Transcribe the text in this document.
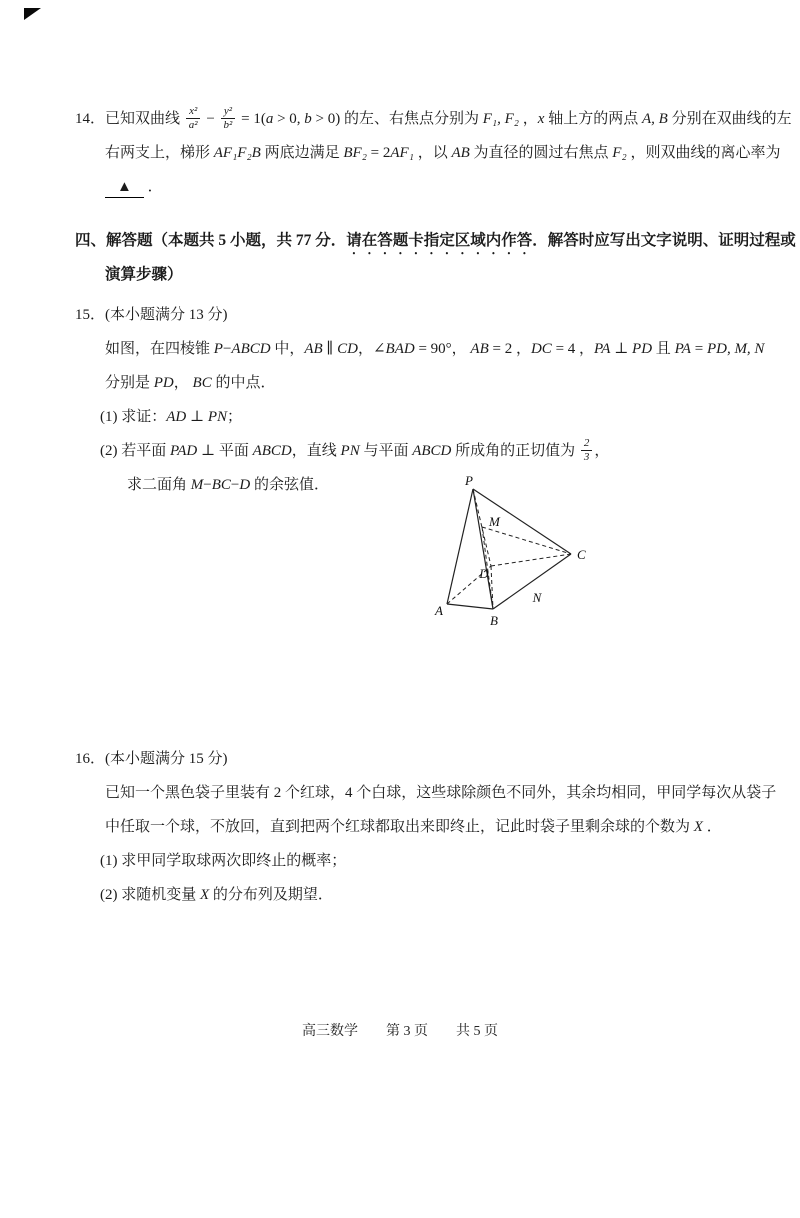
14．已知双曲线 $\frac{\text{x²}}{\text{a²}} - \frac{\text{y²}}{\text{b²}} = 1(a > 0$, b > 0) 的左、右焦点分别为 F₁, F₂ ，x 轴上方的两点 A, B 分别在双曲线的左
右两支上，梯形 AF₁F₂B 两底边满足 BF₂ = 2AF₁ ，以 AB 为直径的圆过右焦点 F₂ ，则双曲线的离心率为
▲ ．
四、解答题（本题共 5 小题，共 77 分．请在答题卡指定区域内作答．解答时应写出文字说明、证明过程或
演算步骤）
15．(本小题满分 13 分)
如图，在四棱锥 P−ABCD 中，AB ∥ CD，∠BAD = 90°， AB = 2 ，DC = 4 ，PA ⊥ PD 且 PA = PD, M, N
分别是 PD， BC 的中点．
(1) 求证：AD ⊥ PN；
(2) 若平面 PAD ⊥ 平面 ABCD，直线 PN 与平面 ABCD 所成角的正切值为 $\frac{2}{3}$ ，
求二面角 M−BC−D 的余弦值．	P
M
C
D
A
B
N
16．(本小题满分 15 分)
已知一个黑色袋子里装有 2 个红球，4 个白球，这些球除颜色不同外，其余均相同，甲同学每次从袋子
中任取一个球，不放回，直到把两个红球都取出来即终止，记此时袋子里剩余球的个数为 X ．
(1) 求甲同学取球两次即终止的概率；
(2) 求随机变量 X 的分布列及期望．
高三数学　　第 3 页　　共 5 页
